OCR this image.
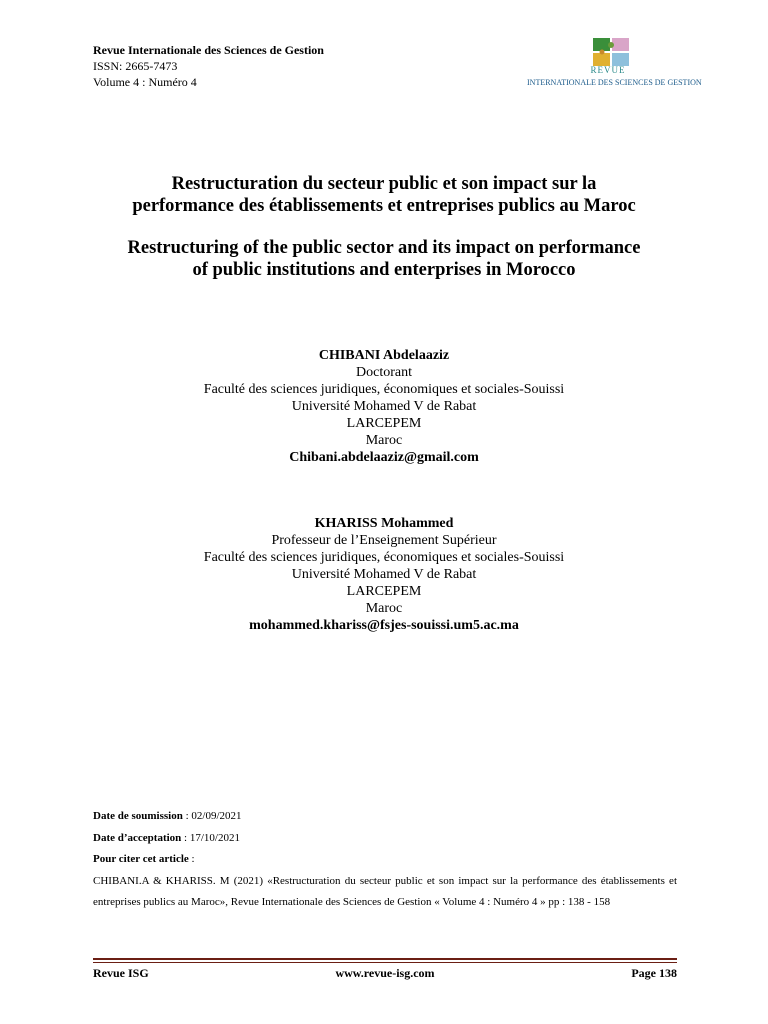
Revue Internationale des Sciences de Gestion
ISSN: 2665-7473
Volume 4 : Numéro 4
REVUE
INTERNATIONALE DES SCIENCES DE GESTION
Restructuration du secteur public et son impact sur la
performance des établissements et entreprises publics au Maroc
Restructuring of the public sector and its impact on performance
of public institutions and enterprises in Morocco
CHIBANI Abdelaaziz
Doctorant
Faculté des sciences juridiques, économiques et sociales-Souissi
Université Mohamed V de Rabat
LARCEPEM
Maroc
Chibani.abdelaaziz@gmail.com
KHARISS Mohammed
Professeur de l’Enseignement Supérieur
Faculté des sciences juridiques, économiques et sociales-Souissi
Université Mohamed V de Rabat
LARCEPEM
Maroc
mohammed.khariss@fsjes-souissi.um5.ac.ma
Date de soumission : 02/09/2021
Date d’acceptation : 17/10/2021
Pour citer cet article :
CHIBANI.A & KHARISS. M (2021) «Restructuration du secteur public et son impact sur la performance des établissements et entreprises publics au Maroc», Revue Internationale des Sciences de Gestion « Volume 4 : Numéro 4 » pp : 138 - 158
Revue ISG	www.revue-isg.com	Page 138
